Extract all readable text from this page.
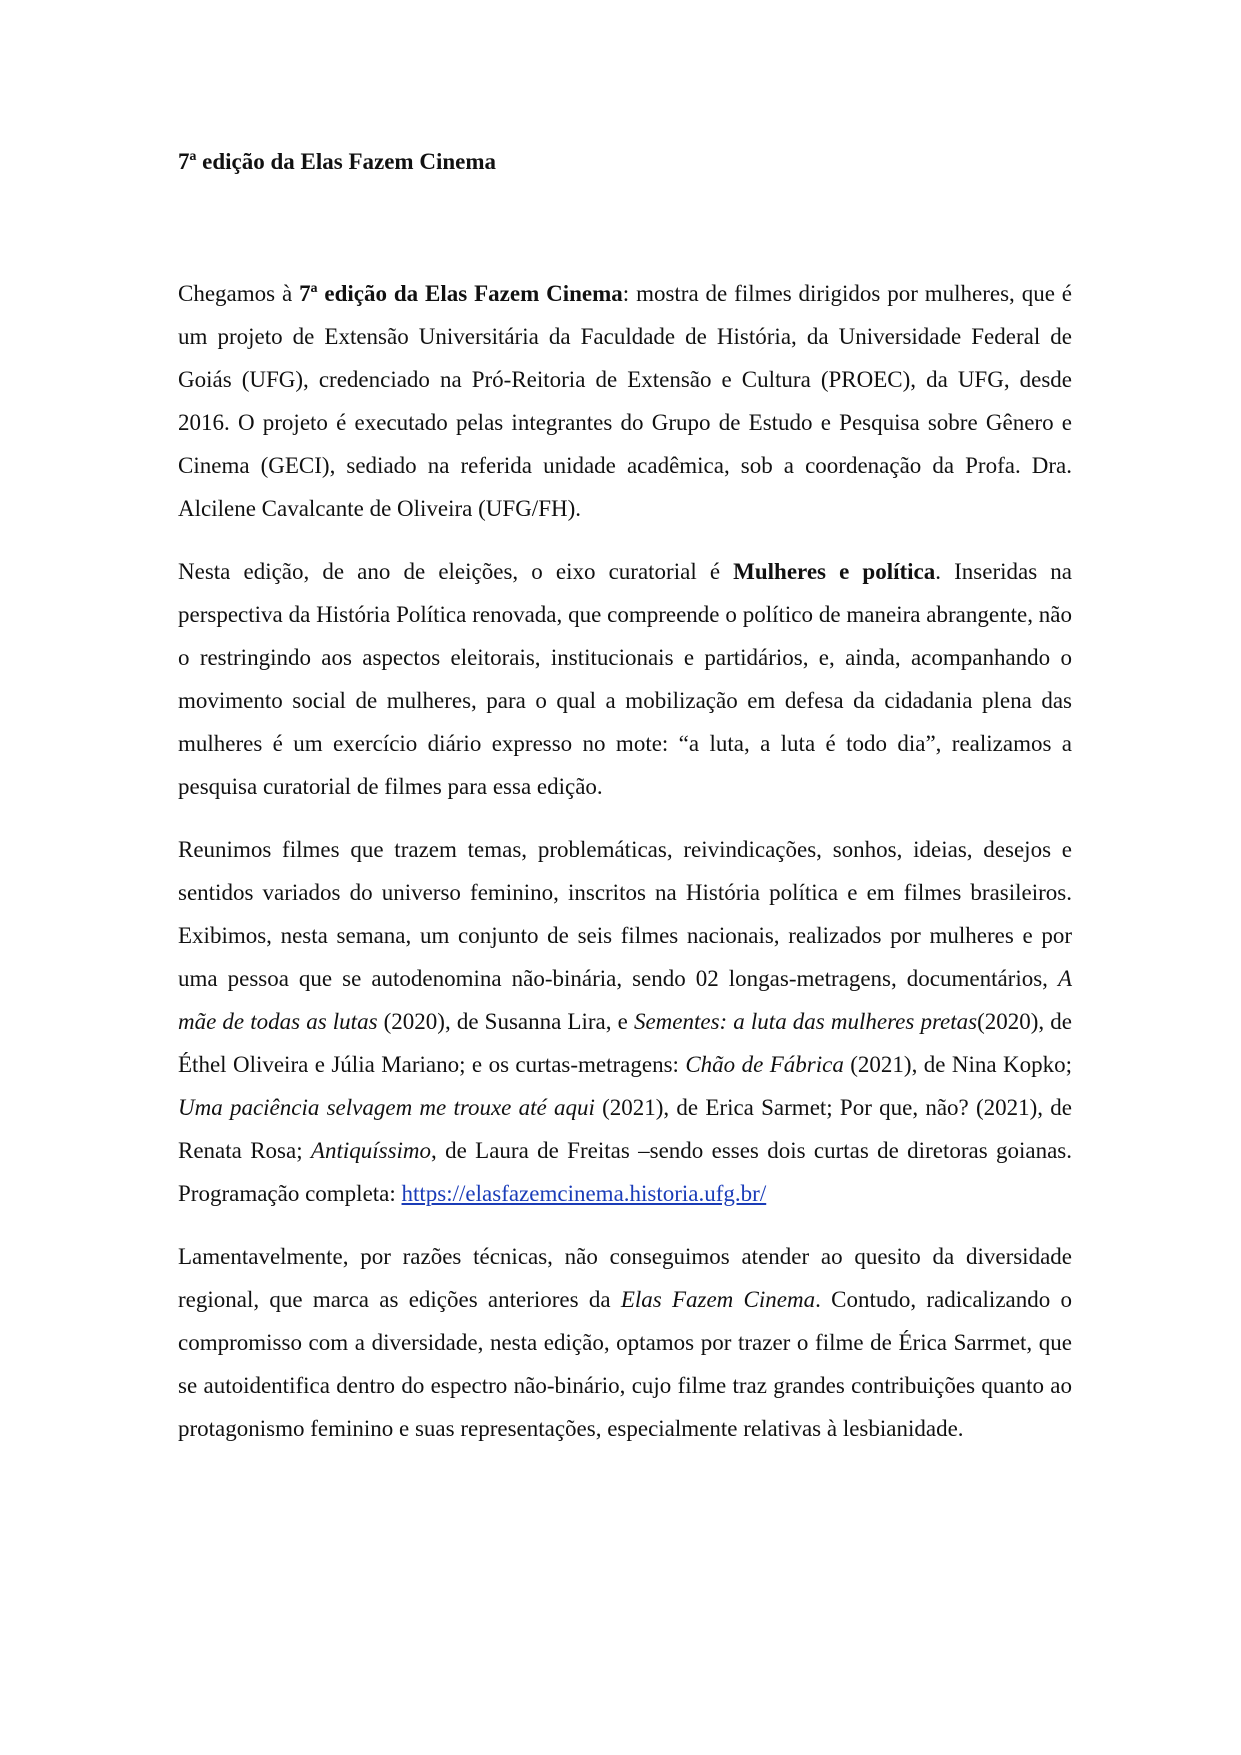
7ª edição da Elas Fazem Cinema

Chegamos à 7ª edição da Elas Fazem Cinema: mostra de filmes dirigidos por mulheres, que é um projeto de Extensão Universitária da Faculdade de História, da Universidade Federal de Goiás (UFG), credenciado na Pró-Reitoria de Extensão e Cultura (PROEC), da UFG, desde 2016. O projeto é executado pelas integrantes do Grupo de Estudo e Pesquisa sobre Gênero e Cinema (GECI), sediado na referida unidade acadêmica, sob a coordenação da Profa. Dra. Alcilene Cavalcante de Oliveira (UFG/FH).

Nesta edição, de ano de eleições, o eixo curatorial é Mulheres e política. Inseridas na perspectiva da História Política renovada, que compreende o político de maneira abrangente, não o restringindo aos aspectos eleitorais, institucionais e partidários, e, ainda, acompanhando o movimento social de mulheres, para o qual a mobilização em defesa da cidadania plena das mulheres é um exercício diário expresso no mote: “a luta, a luta é todo dia”, realizamos a pesquisa curatorial de filmes para essa edição.

Reunimos filmes que trazem temas, problemáticas, reivindicações, sonhos, ideias, desejos e sentidos variados do universo feminino, inscritos na História política e em filmes brasileiros. Exibimos, nesta semana, um conjunto de seis filmes nacionais, realizados por mulheres e por uma pessoa que se autodenomina não-binária, sendo 02 longas-metragens, documentários, A mãe de todas as lutas (2020), de Susanna Lira, e Sementes: a luta das mulheres pretas(2020), de Éthel Oliveira e Júlia Mariano; e os curtas-metragens: Chão de Fábrica (2021), de Nina Kopko; Uma paciência selvagem me trouxe até aqui (2021), de Erica Sarmet; Por que, não? (2021), de Renata Rosa; Antiquíssimo, de Laura de Freitas –sendo esses dois curtas de diretoras goianas. Programação completa: https://elasfazemcinema.historia.ufg.br/

Lamentavelmente, por razões técnicas, não conseguimos atender ao quesito da diversidade regional, que marca as edições anteriores da Elas Fazem Cinema. Contudo, radicalizando o compromisso com a diversidade, nesta edição, optamos por trazer o filme de Érica Sarrmet, que se autoidentifica dentro do espectro não-binário, cujo filme traz grandes contribuições quanto ao protagonismo feminino e suas representações, especialmente relativas à lesbianidade.
